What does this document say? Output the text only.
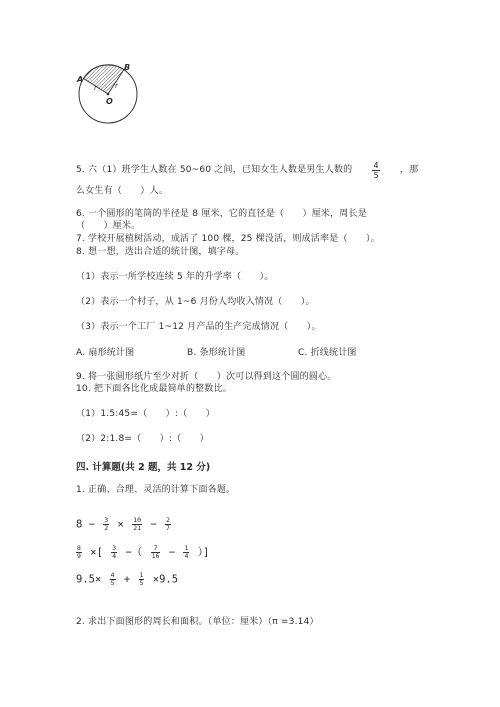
A
B
O
r	r
5. 六（1）班学生人数在 50~60 之间，已知女生人数是男生人数的	$\frac{4}{5}$ ，那
么女生有（　　）人。
6. 一个圆形的笔筒的半径是 8 厘米，它的直径是（　　）厘米，周长是
（　　）厘米。
7. 学校开展植树活动，成活了 100 棵，25 棵没活，则成活率是（　　）。
8. 想一想，选出合适的统计图，填字母。
（1）表示一所学校连续 5 年的升学率（　　）。
（2）表示一个村子，从 1~6 月份人均收入情况（　　）。
（3）表示一个工厂 1~12 月产品的生产完成情况（　　）。
A. 扇形统计图	B. 条形统计图	C. 折线统计图
9. 将一张圆形纸片至少对折（　　）次可以得到这个圆的圆心。
10. 把下面各比化成最简单的整数比。
（1）1.5:45=（　　）:（　　）
（2）2:1.8=（　　）:（　　）
四. 计算题(共 2 题，共 12 分)
1. 正确、合理、灵活的计算下面各题。
$8 - \frac{3}{2} \times \frac{10}{21} - \frac{2}{7}$
$\frac{8}{9}$ ×[ $\frac{3}{4}$ −（ $\frac{7}{16} - \frac{1}{4}$ ）]
$9.5\times \frac{4}{5} + \frac{1}{5} \times 9.5$
2. 求出下面图形的周长和面积。（单位：厘米）（π =3.14）
